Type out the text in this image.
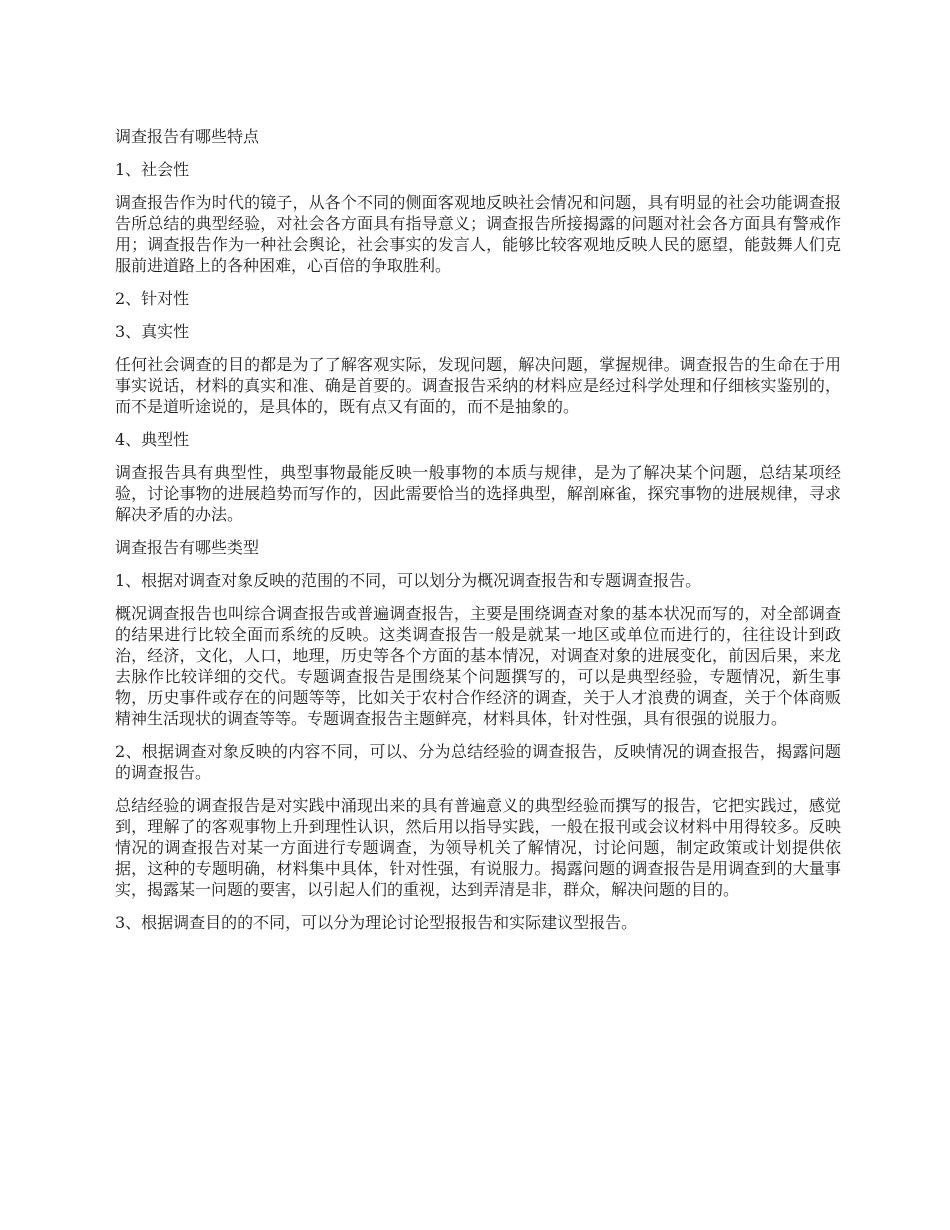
调查报告有哪些特点
1、社会性
调查报告作为时代的镜子，从各个不同的侧面客观地反映社会情况和问题，具有明显的社会功能调查报告所总结的典型经验，对社会各方面具有指导意义；调查报告所接揭露的问题对社会各方面具有警戒作用；调查报告作为一种社会舆论，社会事实的发言人，能够比较客观地反映人民的愿望，能鼓舞人们克服前进道路上的各种困难，心百倍的争取胜利。
2、针对性
3、真实性
任何社会调查的目的都是为了了解客观实际，发现问题，解决问题，掌握规律。调查报告的生命在于用事实说话，材料的真实和准、确是首要的。调查报告采纳的材料应是经过科学处理和仔细核实鉴别的，而不是道听途说的，是具体的，既有点又有面的，而不是抽象的。
4、典型性
调查报告具有典型性，典型事物最能反映一般事物的本质与规律，是为了解决某个问题，总结某项经验，讨论事物的进展趋势而写作的，因此需要恰当的选择典型，解剖麻雀，探究事物的进展规律，寻求解决矛盾的办法。
调查报告有哪些类型
1、根据对调查对象反映的范围的不同，可以划分为概况调查报告和专题调查报告。
概况调查报告也叫综合调查报告或普遍调查报告，主要是围绕调查对象的基本状况而写的，对全部调查的结果进行比较全面而系统的反映。这类调查报告一般是就某一地区或单位而进行的，往往设计到政治，经济，文化，人口，地理，历史等各个方面的基本情况，对调查对象的进展变化，前因后果，来龙去脉作比较详细的交代。专题调查报告是围绕某个问题撰写的，可以是典型经验，专题情况，新生事物，历史事件或存在的问题等等，比如关于农村合作经济的调查，关于人才浪费的调查，关于个体商贩精神生活现状的调查等等。专题调查报告主题鲜亮，材料具体，针对性强，具有很强的说服力。
2、根据调查对象反映的内容不同，可以、分为总结经验的调查报告，反映情况的调查报告，揭露问题的调查报告。
总结经验的调查报告是对实践中涌现出来的具有普遍意义的典型经验而撰写的报告，它把实践过，感觉到，理解了的客观事物上升到理性认识，然后用以指导实践，一般在报刊或会议材料中用得较多。反映情况的调查报告对某一方面进行专题调查，为领导机关了解情况，讨论问题，制定政策或计划提供依据，这种的专题明确，材料集中具体，针对性强，有说服力。揭露问题的调查报告是用调查到的大量事实，揭露某一问题的要害，以引起人们的重视，达到弄清是非，群众，解决问题的目的。
3、根据调查目的的不同，可以分为理论讨论型报报告和实际建议型报告。
